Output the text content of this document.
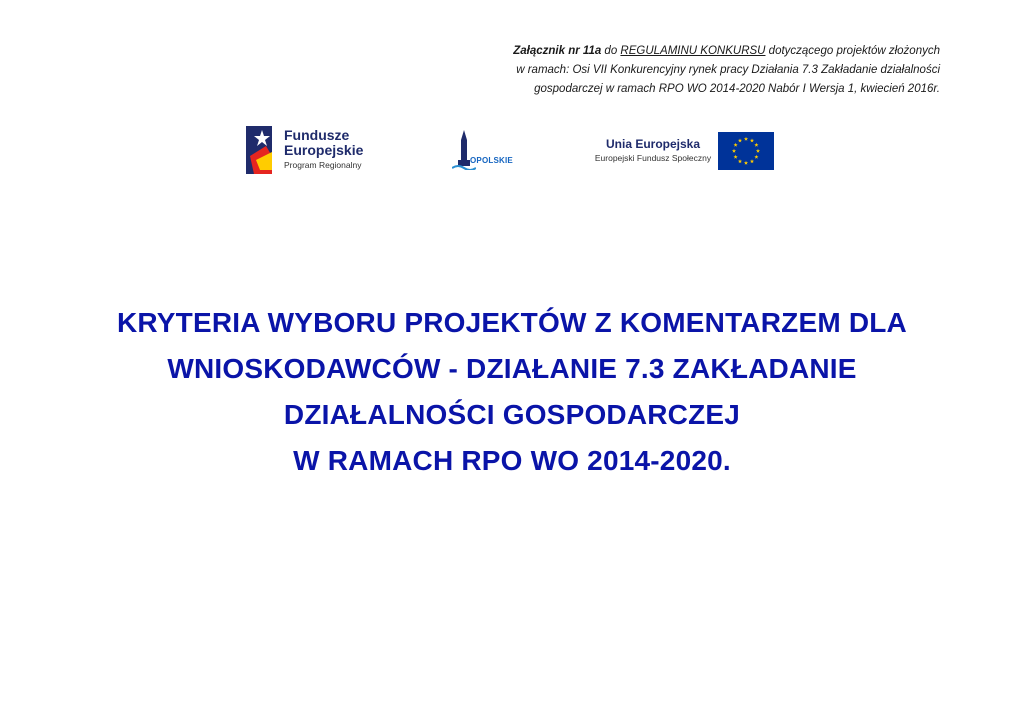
Załącznik nr 11a do REGULAMINU KONKURSU dotyczącego projektów złożonych
w ramach: Osi VII Konkurencyjny rynek pracy Działania 7.3 Zakładanie działalności
gospodarczej w ramach RPO WO 2014-2020 Nabór I Wersja 1, kwiecień 2016r.
Fundusze
Europejskie
Program Regionalny	OPOLSKIE
Unia Europejska
Europejski Fundusz Społeczny
KRYTERIA WYBORU PROJEKTÓW Z KOMENTARZEM DLA
WNIOSKODAWCÓW - DZIAŁANIE 7.3 ZAKŁADANIE
DZIAŁALNOŚCI GOSPODARCZEJ
W RAMACH RPO WO 2014-2020.
